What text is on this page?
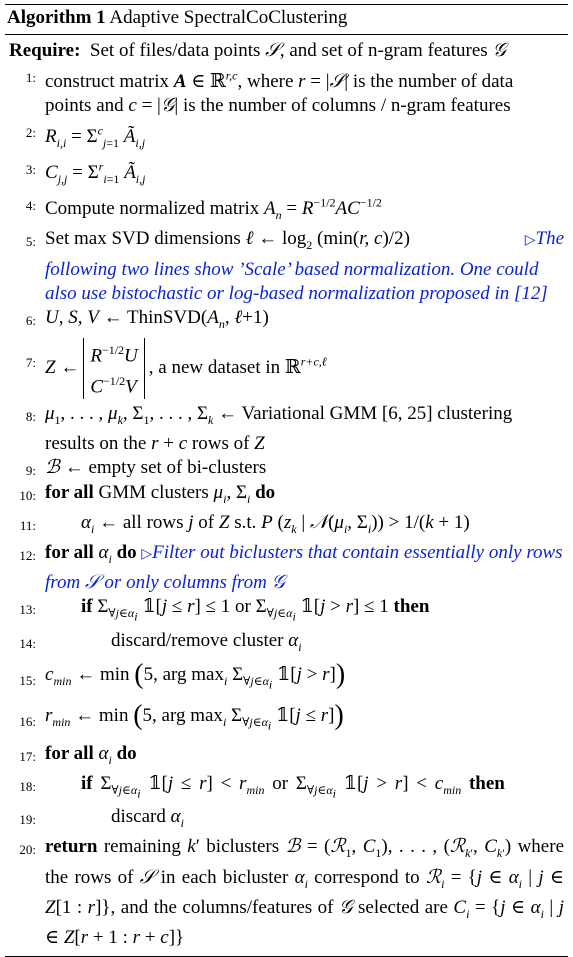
Algorithm 1 Adaptive SpectralCoClustering
Require: Set of files/data points 𝒮, and set of n-gram features 𝒢
1: construct matrix A ∈ ℝ$^{r,c}$, where r = |𝒮| is the number of data points and c = |𝒢| is the number of columns / n-gram features
2: $R_{i,i} = \Sigma^c_{j=1}$ $Ã_{i,j}$
3: $C_{j,j} = \Sigma^r_{i=1}$ $Ã_{i,j}$
4: Compute normalized matrix $A_n = R^{-1/2}AC^{-1/2}$
5: Set max SVD dimensions ℓ ← $\log_2 (\min(r$, c)/2)	▷The

following two lines show ’Scale’ based normalization. One could also use bistochastic or log-based normalization proposed in [12]
6: U, S, V ← $ThinSVD(A_n$, ℓ+1)
7: Z $\leftarrow R^{-1/2}U$
$C^{-1/2}V$, a new dataset in ℝ$^{r+c,\ell}$
8: $\mu_1$, . . . , $\mu_k$, $\Sigma_1$, . . . , $\Sigma_k$ ← Variational GMM [6, 25] clustering results on the r + c rows of Z
9: ℬ ← empty set of bi-clusters
10: for all GMM clusters $\mu_i$, $\Sigma_i$ do
11: $\alpha_i$ ← all rows j of Z s.t. P ($z_k$ | $𝒩(\mu_i$, $\Sigma_i)) > 1/(k + 1)$
12: for all $\alpha_i$ do ▷Filter out biclusters that contain essentially only rows from 𝒮 or only columns from 𝒢
13: if $\Sigma_{\forall j\in\alpha_i}$ 𝟙[j ≤ r] ≤ 1 or $\Sigma_{\forall j\in\alpha_i}$ 𝟙[j > r] ≤ 1 then
14:	discard/remove cluster $\alpha_i$
15: $c_{min}$ ← min (5, arg $\max_i \Sigma_{\forall j\in\alpha_i}$ 𝟙[j > r])
16: $r_{min}$ ← min (5, arg $\max_i \Sigma_{\forall j\in\alpha_i}$ 𝟙[j ≤ r])
17: for all $\alpha_i$ do
18: if $\Sigma_{\forall j\in\alpha_i}$ 𝟙[j ≤ $r] < r_{min}$ or $\Sigma_{\forall j\in\alpha_i}$ 𝟙[j > $r] < c_{min}$ then
19:	discard $\alpha_i$
20: return remaining k′ biclusters ℬ = (ℛ$_1$, $C_1$), . . . , (ℛ$_{k'}$, $C_{k'}$) where the rows of 𝒮 in each bicluster $\alpha_i$ correspond to ℛ$_i$ = {j ∈ $\alpha_i$ | j ∈ Z[1 : r]}, and the columns/features of 𝒢 selected are $C_i = \{j$ ∈ $\alpha_i$ | j ∈ Z[r + 1 : r + c]}
